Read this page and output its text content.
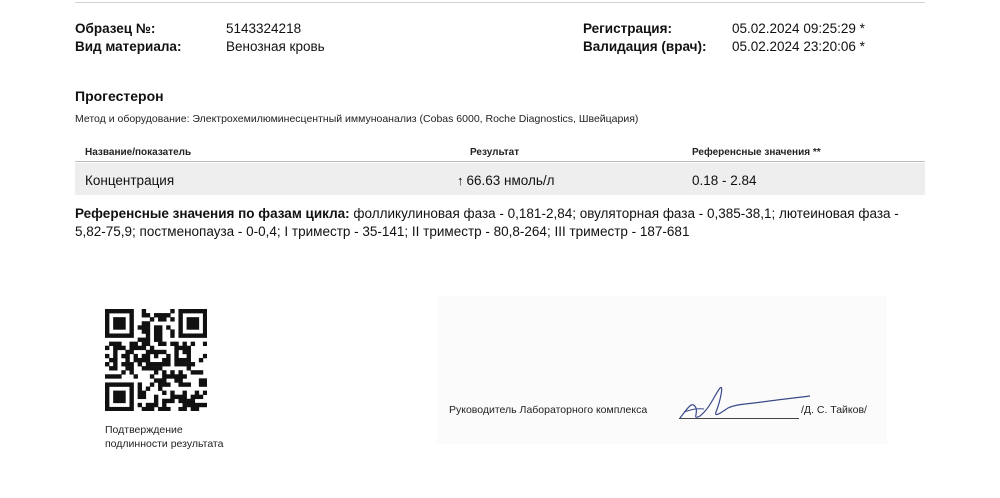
Образец №:	5143324218
Вид материала:	Венозная кровь
Регистрация:	05.02.2024 09:25:29 *
Валидация (врач): 05.02.2024 23:20:06 *
Прогестерон
Метод и оборудование: Электрохемилюминесцентный иммуноанализ (Cobas 6000, Roche Diagnostics, Швейцария)
Название/показатель	Результат	Референсные значения **
Концентрация	↑ 66.63 нмоль/л	0.18 - 2.84
Референсные значения по фазам цикла: фолликулиновая фаза - 0,181-2,84; овуляторная фаза - 0,385-38,1; лютеиновая фаза - 5,82-75,9; постменопауза - 0-0,4; I триместр - 35-141; II триместр - 80,8-264; III триместр - 187-681
Подтверждение
подлинности результата
Руководитель Лабораторного комплекса	/Д. С. Тайков/
